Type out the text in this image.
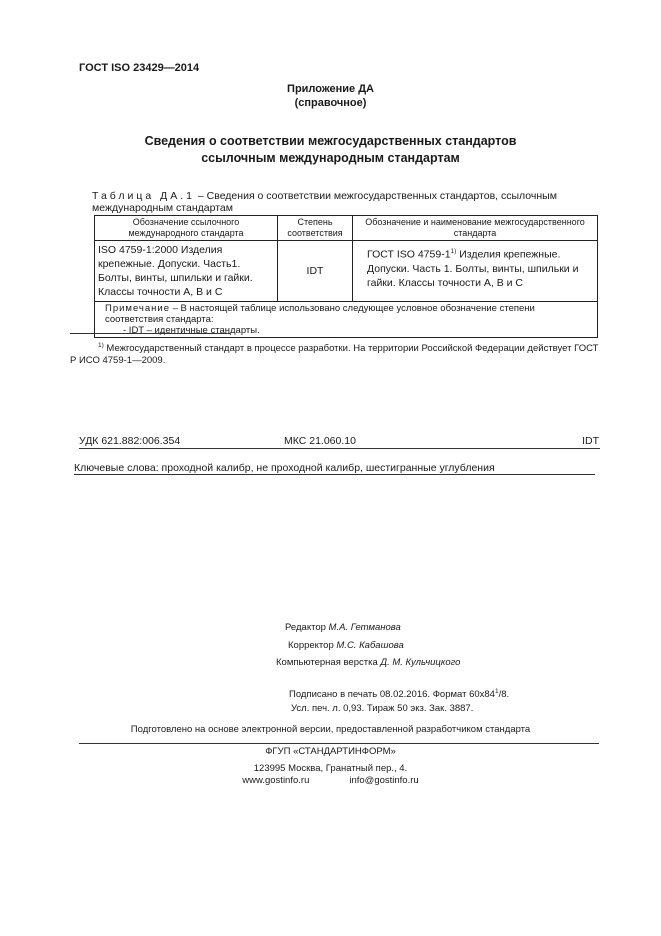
ГОСТ ISO 23429—2014
Приложение ДА
(справочное)
Сведения о соответствии межгосударственных стандартов
ссылочным международным стандартам
Таблица ДА.1 – Сведения о соответствии межгосударственных стандартов, ссылочным
международным стандартам
Обозначение ссылочного международного стандарта	Степень соответствия	Обозначение и наименование межгосударственного стандарта
ISO 4759-1:2000 Изделия крепежные. Допуски. Часть1. Болты, винты, шпильки и гайки. Классы точности A, B и C	IDT	ГОСТ ISO 4759-1$^{1)}$ Изделия крепежные. Допуски. Часть 1. Болты, винты, шпильки и гайки. Классы точности А, В и С

Примечание – В настоящей таблице использовано следующее условное обозначение степени соответствия стандарта:
- IDT – идентичные стандарты.		
$^{1)}$ Межгосударственный стандарт в процессе разработки. На территории Российской Федерации действует ГОСТ Р ИСО 4759-1—2009.
УДК 621.882:006.354	МКС 21.060.10	IDT
Ключевые слова: проходной калибр, не проходной калибр, шестигранные углубления
Редактор М.А. Гетманова
Корректор М.С. Кабашова
Компьютерная верстка Д. М. Кульчицкого
Подписано в печать 08.02.2016. Формат $60x84^1/8$.
Усл. печ. л. 0,93. Тираж 50 экз. Зак. 3887.
Подготовлено на основе электронной версии, предоставленной разработчиком стандарта
ФГУП «СТАНДАРТИНФОРМ»
123995 Москва, Гранатный пер., 4.
www.gostinfo.ru	info@gostinfo.ru
